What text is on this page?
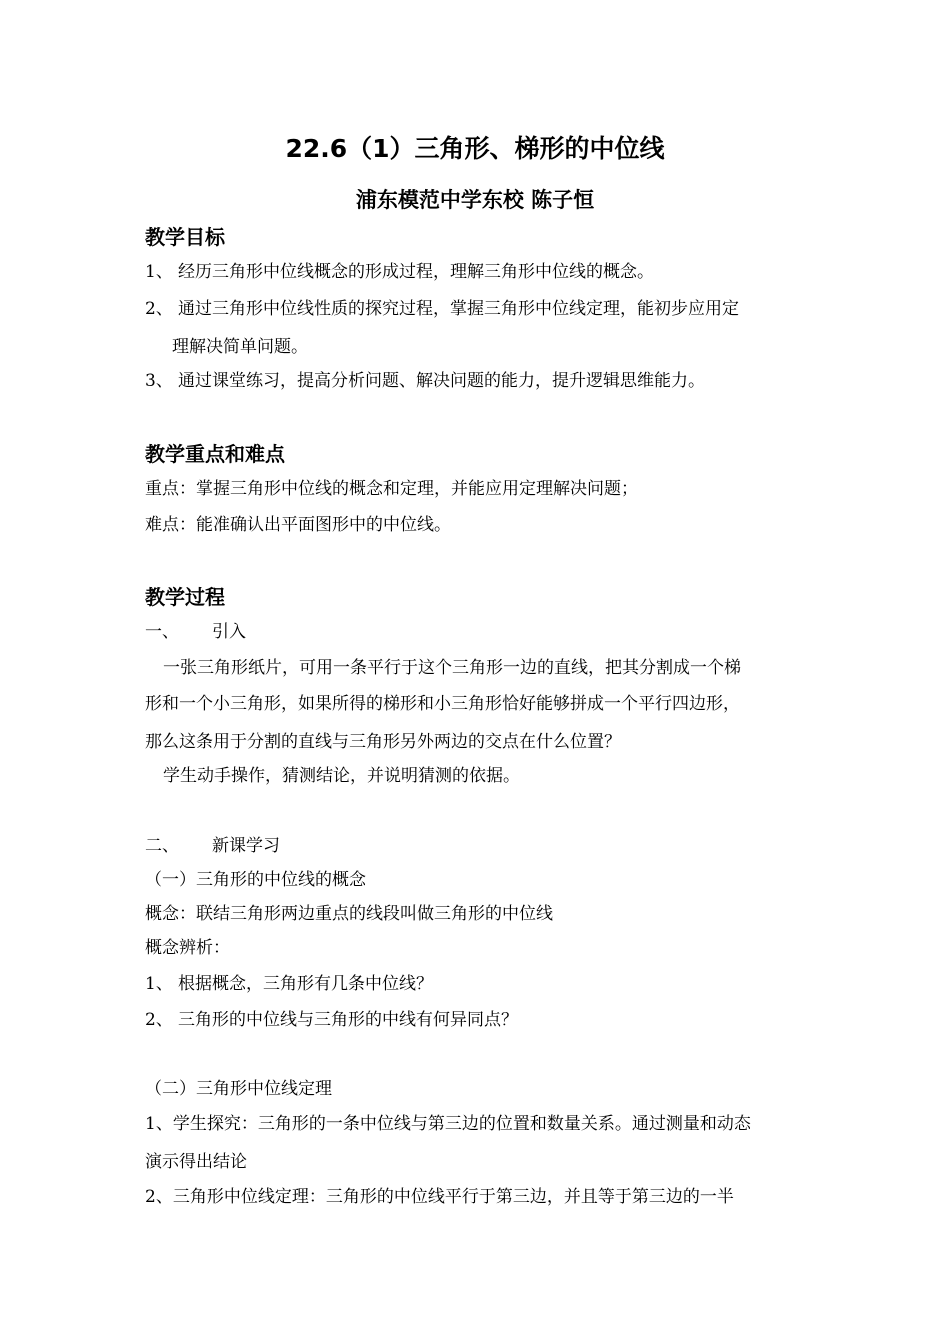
22.6（1）三角形、梯形的中位线
浦东模范中学东校 陈子恒
教学目标
1、 经历三角形中位线概念的形成过程，理解三角形中位线的概念。
2、 通过三角形中位线性质的探究过程，掌握三角形中位线定理，能初步应用定
理解决简单问题。
3、 通过课堂练习，提高分析问题、解决问题的能力，提升逻辑思维能力。
教学重点和难点
重点：掌握三角形中位线的概念和定理，并能应用定理解决问题；
难点：能准确认出平面图形中的中位线。
教学过程
一、 引入
一张三角形纸片，可用一条平行于这个三角形一边的直线，把其分割成一个梯
形和一个小三角形，如果所得的梯形和小三角形恰好能够拼成一个平行四边形，
那么这条用于分割的直线与三角形另外两边的交点在什么位置？
学生动手操作，猜测结论，并说明猜测的依据。
二、 新课学习
（一）三角形的中位线的概念
概念：联结三角形两边重点的线段叫做三角形的中位线
概念辨析：
1、 根据概念，三角形有几条中位线？
2、 三角形的中位线与三角形的中线有何异同点？
（二）三角形中位线定理
1、学生探究：三角形的一条中位线与第三边的位置和数量关系。通过测量和动态
演示得出结论
2、三角形中位线定理：三角形的中位线平行于第三边，并且等于第三边的一半
